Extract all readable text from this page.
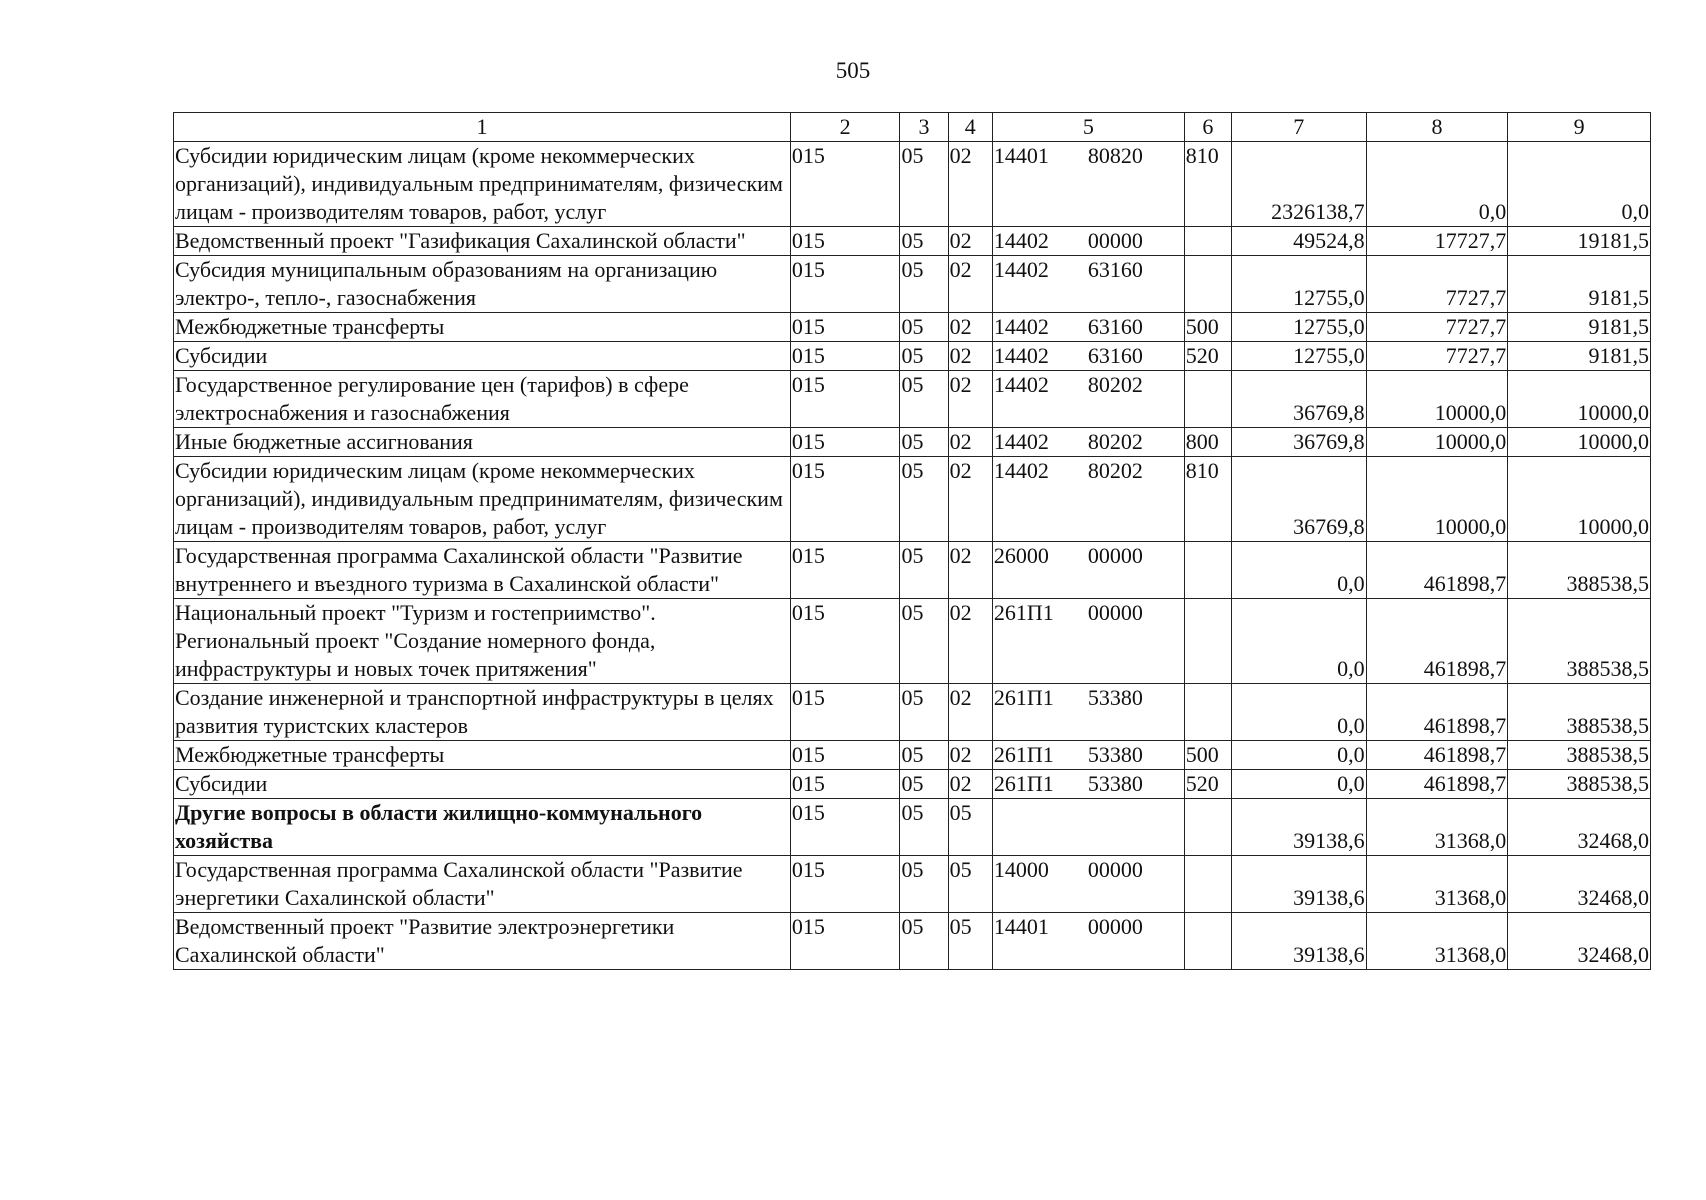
505
1	2	3	4	5	6	7	8	9
Субсидии юридическим лицам (кроме некоммерческих организаций), индивидуальным предпринимателям, физическим лицам - производителям товаров, работ, услуг	015	05	02	14401 80820	810	2326138,7	0,0	0,0
Ведомственный проект "Газификация Сахалинской области"	015	05	02	14402 00000		49524,8	17727,7	19181,5
Субсидия муниципальным образованиям на организацию электро-, тепло-, газоснабжения	015	05	02	14402 63160		12755,0	7727,7	9181,5
Межбюджетные трансферты	015	05	02	14402 63160	500	12755,0	7727,7	9181,5
Субсидии	015	05	02	14402 63160	520	12755,0	7727,7	9181,5
Государственное регулирование цен (тарифов) в сфере электроснабжения и газоснабжения	015	05	02	14402 80202		36769,8	10000,0	10000,0
Иные бюджетные ассигнования	015	05	02	14402 80202	800	36769,8	10000,0	10000,0
Субсидии юридическим лицам (кроме некоммерческих организаций), индивидуальным предпринимателям, физическим лицам - производителям товаров, работ, услуг	015	05	02	14402 80202	810	36769,8	10000,0	10000,0
Государственная программа Сахалинской области "Развитие внутреннего и въездного туризма в Сахалинской области"	015	05	02	26000 00000		0,0	461898,7	388538,5
Национальный проект "Туризм и гостеприимство". Региональный проект "Создание номерного фонда, инфраструктуры и новых точек притяжения"	015	05	02	261П1 00000		0,0	461898,7	388538,5
Создание инженерной и транспортной инфраструктуры в целях развития туристских кластеров	015	05	02	261П1 53380		0,0	461898,7	388538,5
Межбюджетные трансферты	015	05	02	261П1 53380	500	0,0	461898,7	388538,5
Субсидии	015	05	02	261П1 53380	520	0,0	461898,7	388538,5
Другие вопросы в области жилищно-коммунального хозяйства	015	05	05			39138,6	31368,0	32468,0
Государственная программа Сахалинской области "Развитие энергетики Сахалинской области"	015	05	05	14000 00000		39138,6	31368,0	32468,0
Ведомственный проект "Развитие электроэнергетики Сахалинской области"	015	05	05	14401 00000		39138,6	31368,0	32468,0
